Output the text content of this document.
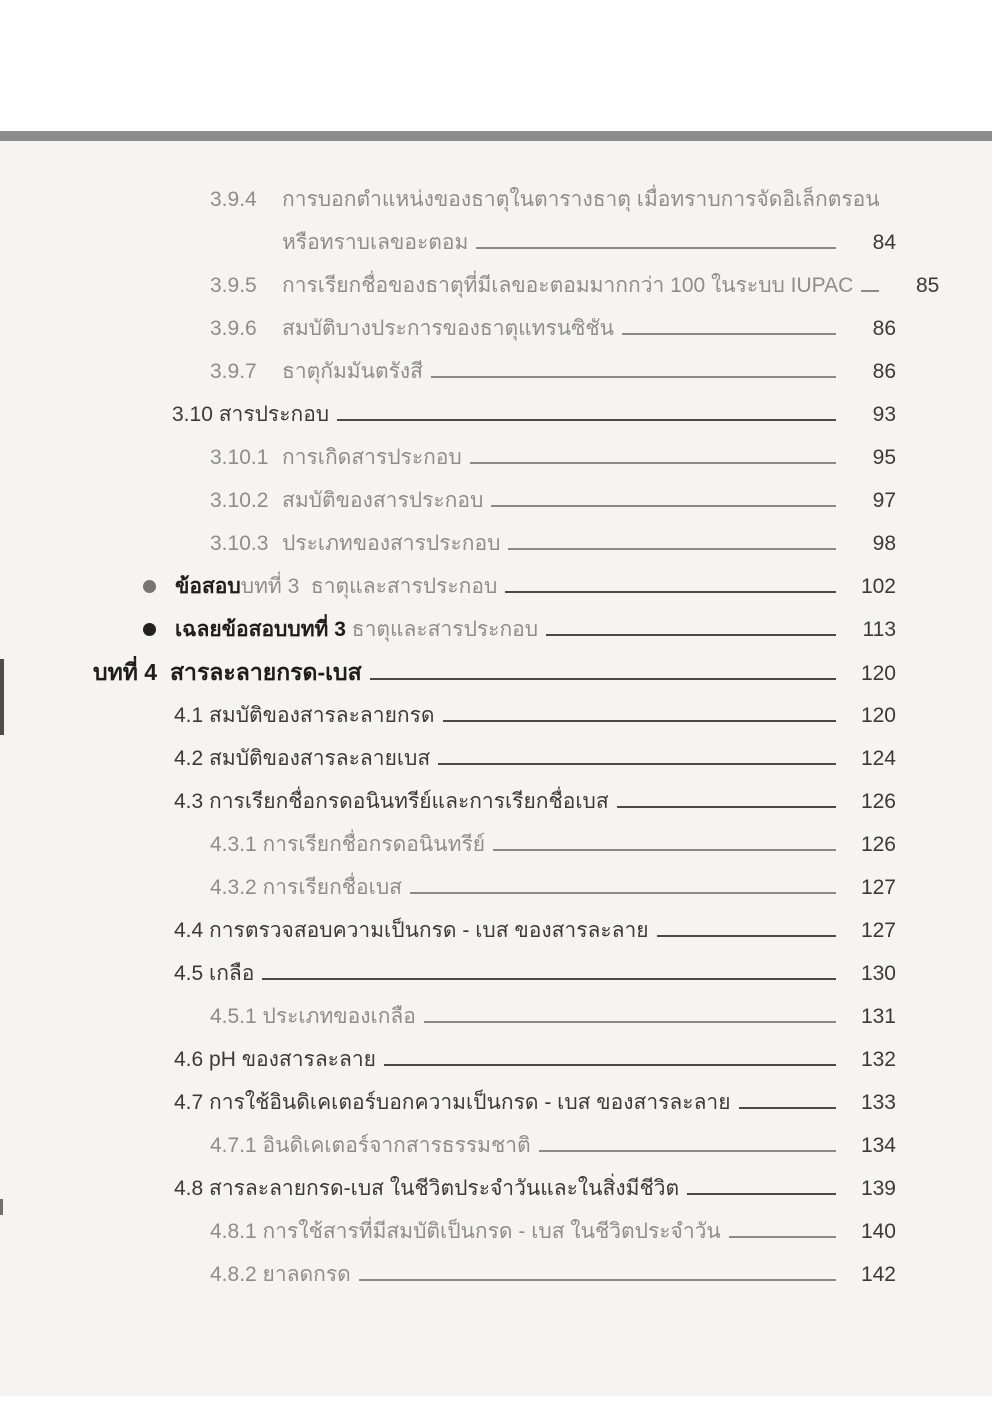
3.9.4	การบอกตำแหน่งของธาตุในตารางธาตุ เมื่อทราบการจัดอิเล็กตรอน
หรือทราบเลขอะตอม	84
3.9.5	การเรียกชื่อของธาตุที่มีเลขอะตอมมากกว่า 100 ในระบบ IUPAC	85
3.9.6	สมบัติบางประการของธาตุแทรนซิชัน	86
3.9.7	ธาตุกัมมันตรังสี	86
3.10 สารประกอบ	93
3.10.1 การเกิดสารประกอบ	95
3.10.2 สมบัติของสารประกอบ	97
3.10.3 ประเภทของสารประกอบ	98
ข้อสอบบทที่ 3  ธาตุและสารประกอบ	102
เฉลยข้อสอบบทที่ 3 ธาตุและสารประกอบ	113
บทที่ 4 สารละลายกรด-เบส	120
4.1 สมบัติของสารละลายกรด	120
4.2 สมบัติของสารละลายเบส	124
4.3 การเรียกชื่อกรดอนินทรีย์และการเรียกชื่อเบส	126
4.3.1 การเรียกชื่อกรดอนินทรีย์	126
4.3.2 การเรียกชื่อเบส	127
4.4 การตรวจสอบความเป็นกรด - เบส ของสารละลาย	127
4.5 เกลือ	130
4.5.1 ประเภทของเกลือ	131
4.6 pH ของสารละลาย	132
4.7 การใช้อินดิเคเตอร์บอกความเป็นกรด - เบส ของสารละลาย	133
4.7.1 อินดิเคเตอร์จากสารธรรมชาติ	134
4.8 สารละลายกรด-เบส ในชีวิตประจำวันและในสิ่งมีชีวิต	139
4.8.1 การใช้สารที่มีสมบัติเป็นกรด - เบส ในชีวิตประจำวัน	140
4.8.2 ยาลดกรด	142
